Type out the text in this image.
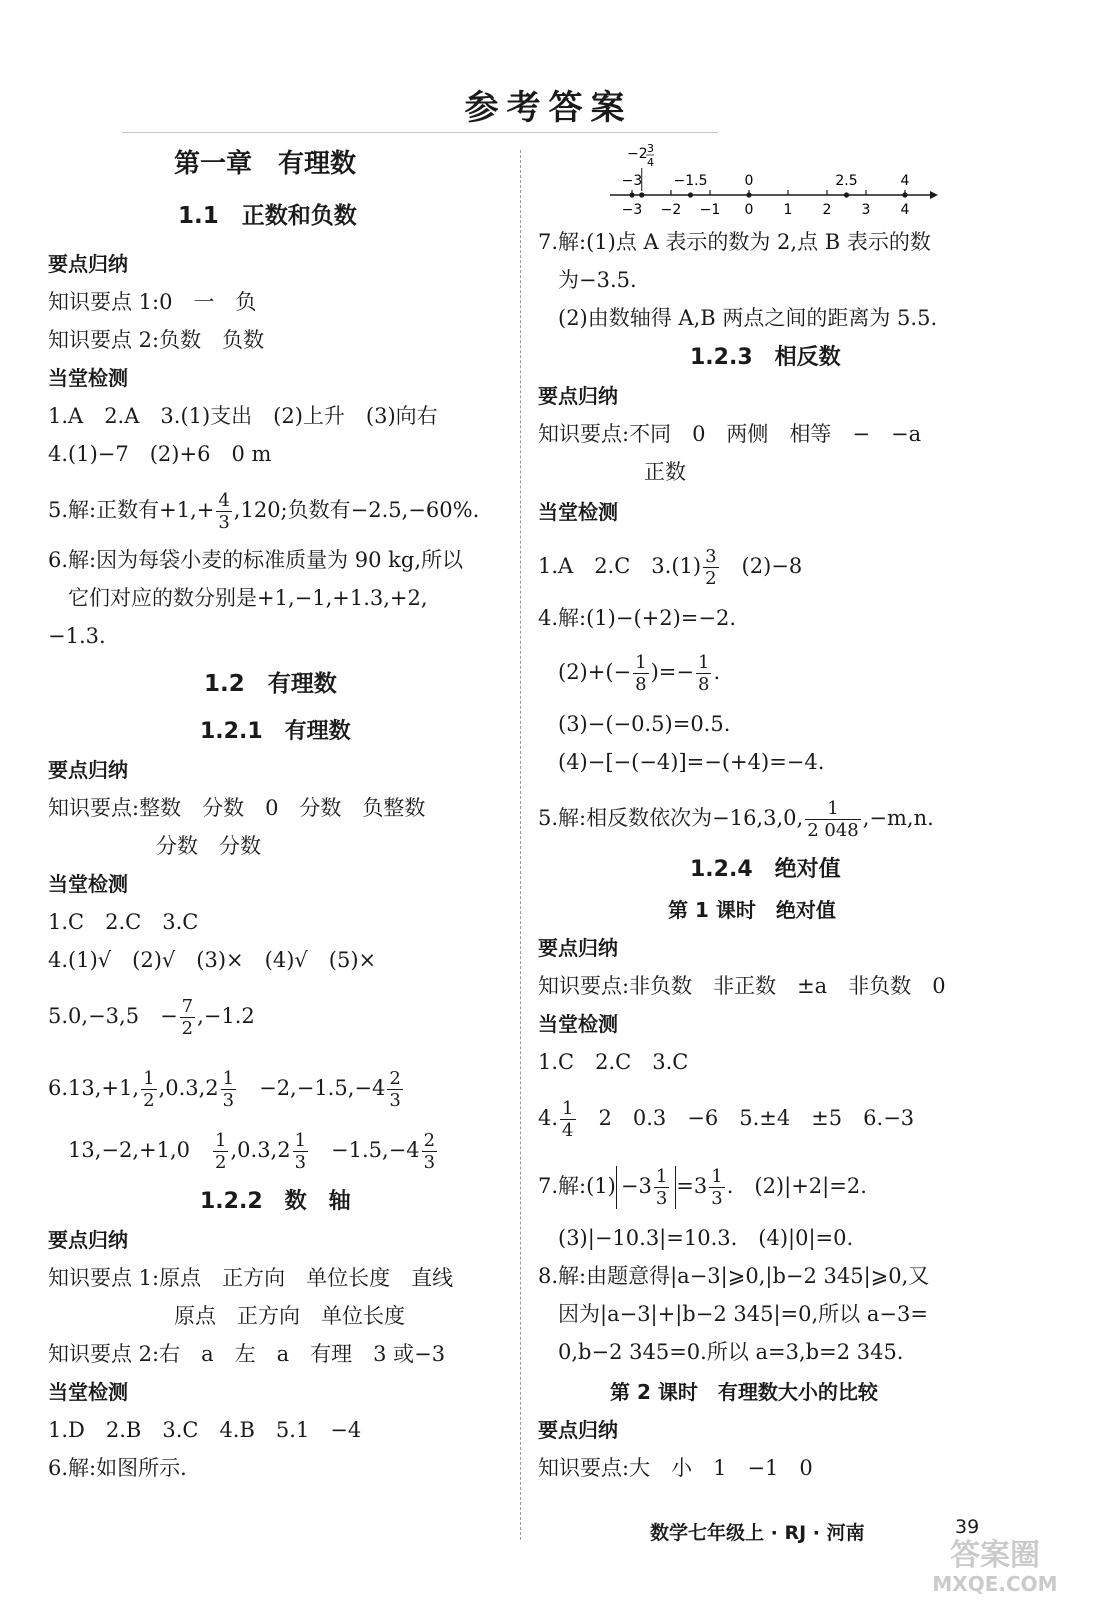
参考答案
第一章　有理数
1.1　正数和负数
要点归纳
知识要点 1:0　一　负
知识要点 2:负数　负数
当堂检测
1.A　2.A　3.(1)支出　(2)上升　(3)向右
4.(1)−7　(2)+6　0 m
5.解:正数有$+1,+ \frac{4}{3} ,120$;负数有−2.5,−60%.
6.解:因为每袋小麦的标准质量为 90 kg,所以
它们对应的数分别是+1,−1,+1.3,+2,
−1.3.
1.2　有理数
1.2.1　有理数
要点归纳
知识要点:整数　分数　0　分数　负整数
分数　分数
当堂检测
1.C　2.C　3.C
4.(1)√　(2)√　(3)×　(4)√　(5)×
5.0,−3,5　− $\frac{7}{2} ,-1.2$
6.13,+1, $\frac{1}{2} ,0.3,2 \frac{1}{3}$ 　$-2,-1.5,-4 \frac{2}{3}$
13,−2,+1,0　 $\frac{1}{2} ,0.3,2 \frac{1}{3}$ 　$-1.5,-4 \frac{2}{3}$
1.2.2　数　轴
要点归纳
知识要点 1:原点　正方向　单位长度　直线
原点　正方向　单位长度
知识要点 2:右　a　左　a　有理　3 或−3
当堂检测
1.D　2.B　3.C　4.B　5.1　−4
6.解:如图所示.
−3 −2 −1 0 1 2 3 4
−3 −1.5	0	2.5	4
−2 3
4
7.解:(1)点 A 表示的数为 2,点 B 表示的数
为−3.5.
(2)由数轴得 A,B 两点之间的距离为 5.5.
1.2.3　相反数
要点归纳
知识要点:不同　0　两侧　相等　−　−a
正数
当堂检测
1.A　2.C　$3.(1) \frac{3}{2}$ 　(2)−8
4.解:(1)−(+2)=−2.
$(2)+(- \frac{1}{8}$ )=− $\frac{1}{8}$ .
(3)−(−0.5)=0.5.
(4)−[−(−4)]=−(+4)=−4.
5.解:相反数依次为−16,3,0, $\frac{1}{2 048} ,-m,n$.
1.2.4　绝对值
第 1 课时　绝对值
要点归纳
知识要点:非负数　非正数　±a　非负数　0
当堂检测
1.C　2.C　3.C
4. $\frac{1}{4}$ 　2　0.3　−6　5.±4　±5　6.−3
7.解:(1) $-3 \frac{1}{3} =3 \frac{1}{3}$ .　(2)|+2|=2.
(3)|−10.3|=10.3.　(4)|0|=0.
8.解:由题意得|a−3|⩾0,|b−2 345|⩾0,又
因为|a−3|+|b−2 345|=0,所以 a−3=
0,b−2 345=0.所以 a=3,b=2 345.
第 2 课时　有理数大小的比较
要点归纳
知识要点:大　小　1　−1　0
数学七年级上 · RJ · 河南	39
答案圈
MXQE.COM
